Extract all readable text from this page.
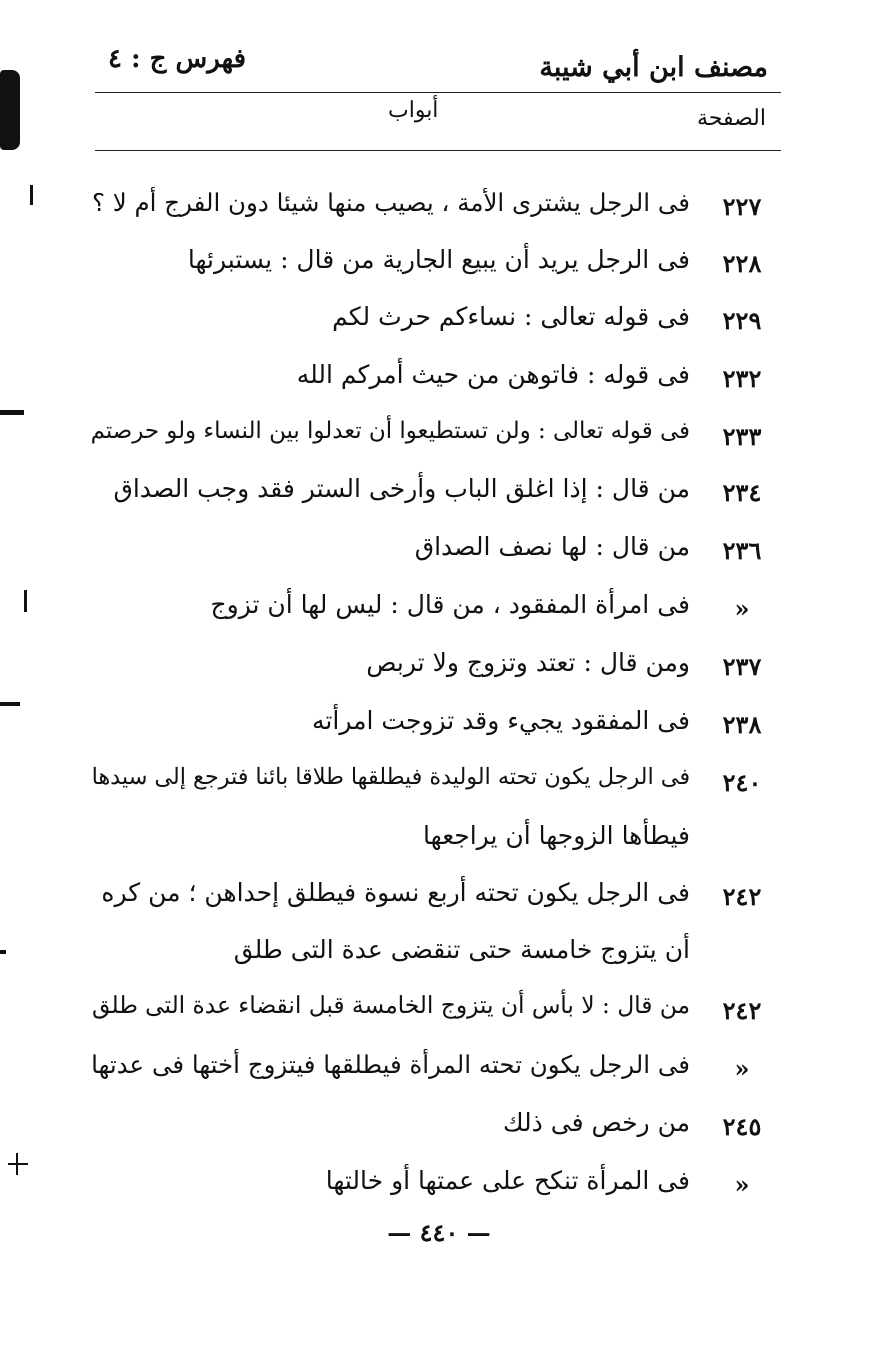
مصنف ابن أبي شيبة
فهرس ج : ٤
الصفحة
أبواب
٢٢٧
فى الرجل يشترى الأمة ، يصيب منها شيئا دون الفرج أم لا ؟
٢٢٨
فى الرجل يريد أن يبيع الجارية من قال : يستبرئها
٢٢٩
فى قوله تعالى : نساءكم حرث لكم
٢٣٢
فى قوله : فاتوهن من حيث أمركم الله
٢٣٣
فى قوله تعالى : ولن تستطيعوا أن تعدلوا بين النساء ولو حرصتم
٢٣٤
من قال : إذا اغلق الباب وأرخى الستر فقد وجب الصداق
٢٣٦
من قال : لها نصف الصداق
«
فى امرأة المفقود ، من قال : ليس لها أن تزوج
٢٣٧
ومن قال : تعتد وتزوج ولا تربص
٢٣٨
فى المفقود يجيء وقد تزوجت امرأته
٢٤٠
فى الرجل يكون تحته الوليدة فيطلقها طلاقا بائنا فترجع إلى سيدها
فيطأها الزوجها أن يراجعها
٢٤٢
فى الرجل يكون تحته أربع نسوة فيطلق إحداهن ؛ من كره
أن يتزوج خامسة حتى تنقضى عدة التى طلق
٢٤٢
من قال : لا بأس أن يتزوج الخامسة قبل انقضاء عدة التى طلق
«
فى الرجل يكون تحته المرأة فيطلقها فيتزوج أختها فى عدتها
٢٤٥
من رخص فى ذلك
«
فى المرأة تنكح على عمتها أو خالتها
— ٤٤٠ —
